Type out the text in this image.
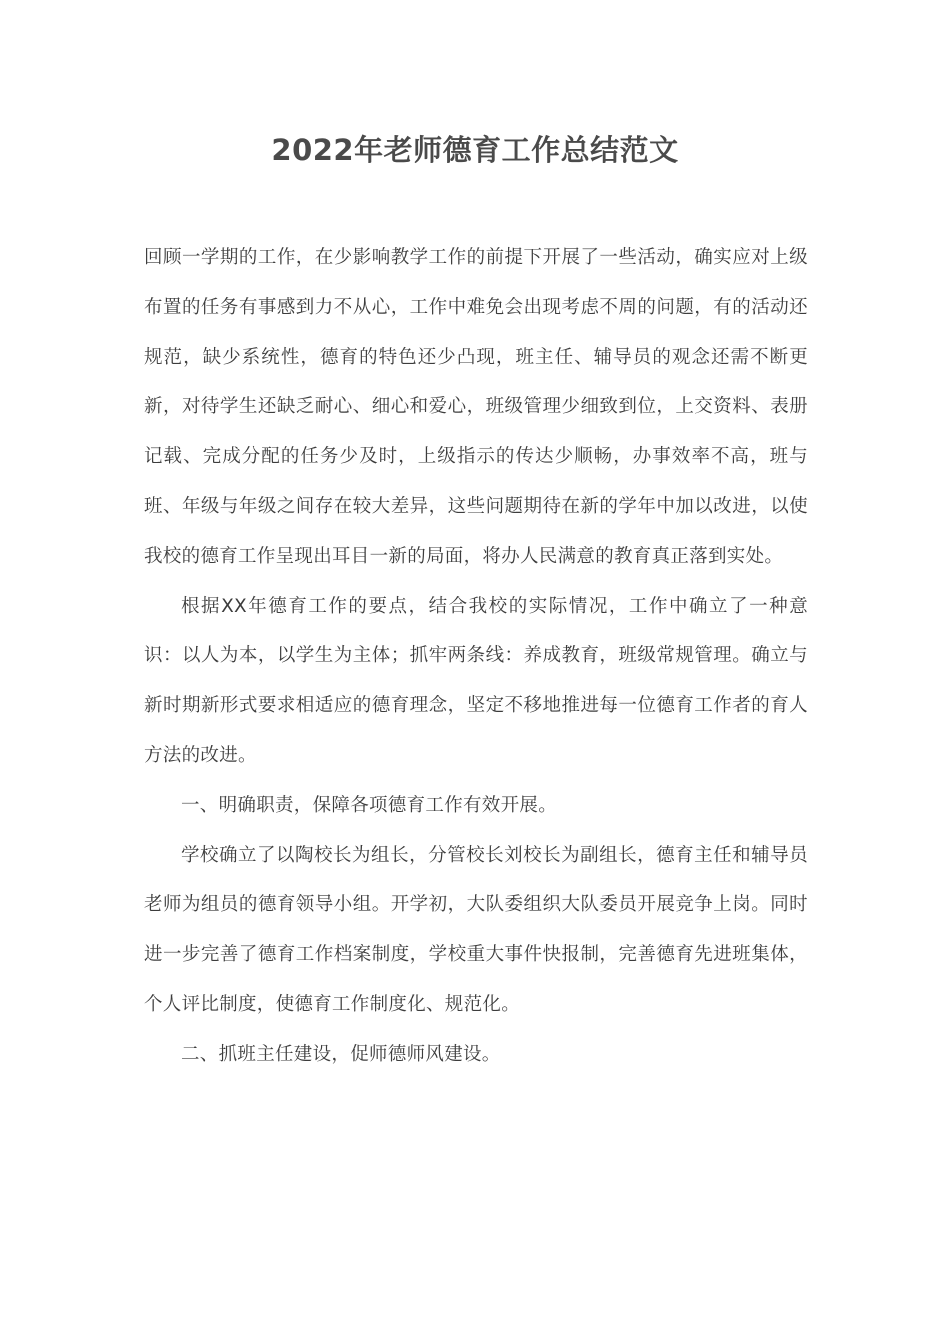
2022年老师德育工作总结范文

回顾一学期的工作，在少影响教学工作的前提下开展了一些活动，确实应对上级布置的任务有事感到力不从心，工作中难免会出现考虑不周的问题，有的活动还规范，缺少系统性，德育的特色还少凸现，班主任、辅导员的观念还需不断更新，对待学生还缺乏耐心、细心和爱心，班级管理少细致到位，上交资料、表册记载、完成分配的任务少及时，上级指示的传达少顺畅，办事效率不高，班与班、年级与年级之间存在较大差异，这些问题期待在新的学年中加以改进，以使我校的德育工作呈现出耳目一新的局面，将办人民满意的教育真正落到实处。

根据XX年德育工作的要点，结合我校的实际情况，工作中确立了一种意识：以人为本，以学生为主体；抓牢两条线：养成教育，班级常规管理。确立与新时期新形式要求相适应的德育理念，坚定不移地推进每一位德育工作者的育人方法的改进。

一、明确职责，保障各项德育工作有效开展。

学校确立了以陶校长为组长，分管校长刘校长为副组长，德育主任和辅导员老师为组员的德育领导小组。开学初，大队委组织大队委员开展竞争上岗。同时进一步完善了德育工作档案制度，学校重大事件快报制，完善德育先进班集体，个人评比制度，使德育工作制度化、规范化。

二、抓班主任建设，促师德师风建设。
